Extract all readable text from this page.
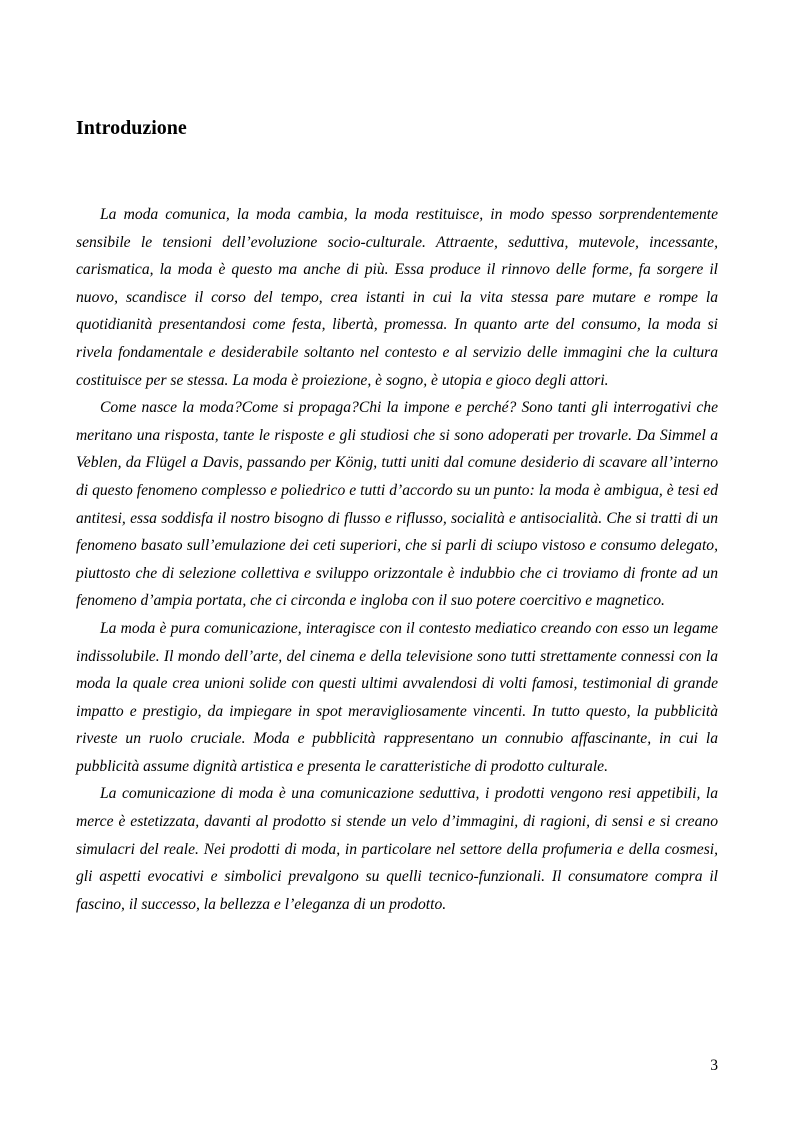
Introduzione

La moda comunica, la moda cambia, la moda restituisce, in modo spesso sorprendentemente sensibile le tensioni dell’evoluzione socio-culturale. Attraente, seduttiva, mutevole, incessante, carismatica, la moda è questo ma anche di più. Essa produce il rinnovo delle forme, fa sorgere il nuovo, scandisce il corso del tempo, crea istanti in cui la vita stessa pare mutare e rompe la quotidianità presentandosi come festa, libertà, promessa. In quanto arte del consumo, la moda si rivela fondamentale e desiderabile soltanto nel contesto e al servizio delle immagini che la cultura costituisce per se stessa. La moda è proiezione, è sogno, è utopia e gioco degli attori.

Come nasce la moda?Come si propaga?Chi la impone e perché? Sono tanti gli interrogativi che meritano una risposta, tante le risposte e gli studiosi che si sono adoperati per trovarle. Da Simmel a Veblen, da Flügel a Davis, passando per König, tutti uniti dal comune desiderio di scavare all’interno di questo fenomeno complesso e poliedrico e tutti d’accordo su un punto: la moda è ambigua, è tesi ed antitesi, essa soddisfa il nostro bisogno di flusso e riflusso, socialità e antisocialità. Che si tratti di un fenomeno basato sull’emulazione dei ceti superiori, che si parli di sciupo vistoso e consumo delegato, piuttosto che di selezione collettiva e sviluppo orizzontale è indubbio che ci troviamo di fronte ad un fenomeno d’ampia portata, che ci circonda e ingloba con il suo potere coercitivo e magnetico.

La moda è pura comunicazione, interagisce con il contesto mediatico creando con esso un legame indissolubile. Il mondo dell’arte, del cinema e della televisione sono tutti strettamente connessi con la moda la quale crea unioni solide con questi ultimi avvalendosi di volti famosi, testimonial di grande impatto e prestigio, da impiegare in spot meravigliosamente vincenti. In tutto questo, la pubblicità riveste un ruolo cruciale. Moda e pubblicità rappresentano un connubio affascinante, in cui la pubblicità assume dignità artistica e presenta le caratteristiche di prodotto culturale.

La comunicazione di moda è una comunicazione seduttiva, i prodotti vengono resi appetibili, la merce è estetizzata, davanti al prodotto si stende un velo d’immagini, di ragioni, di sensi e si creano simulacri del reale. Nei prodotti di moda, in particolare nel settore della profumeria e della cosmesi, gli aspetti evocativi e simbolici prevalgono su quelli tecnico-funzionali. Il consumatore compra il fascino, il successo, la bellezza e l’eleganza di un prodotto.

3
